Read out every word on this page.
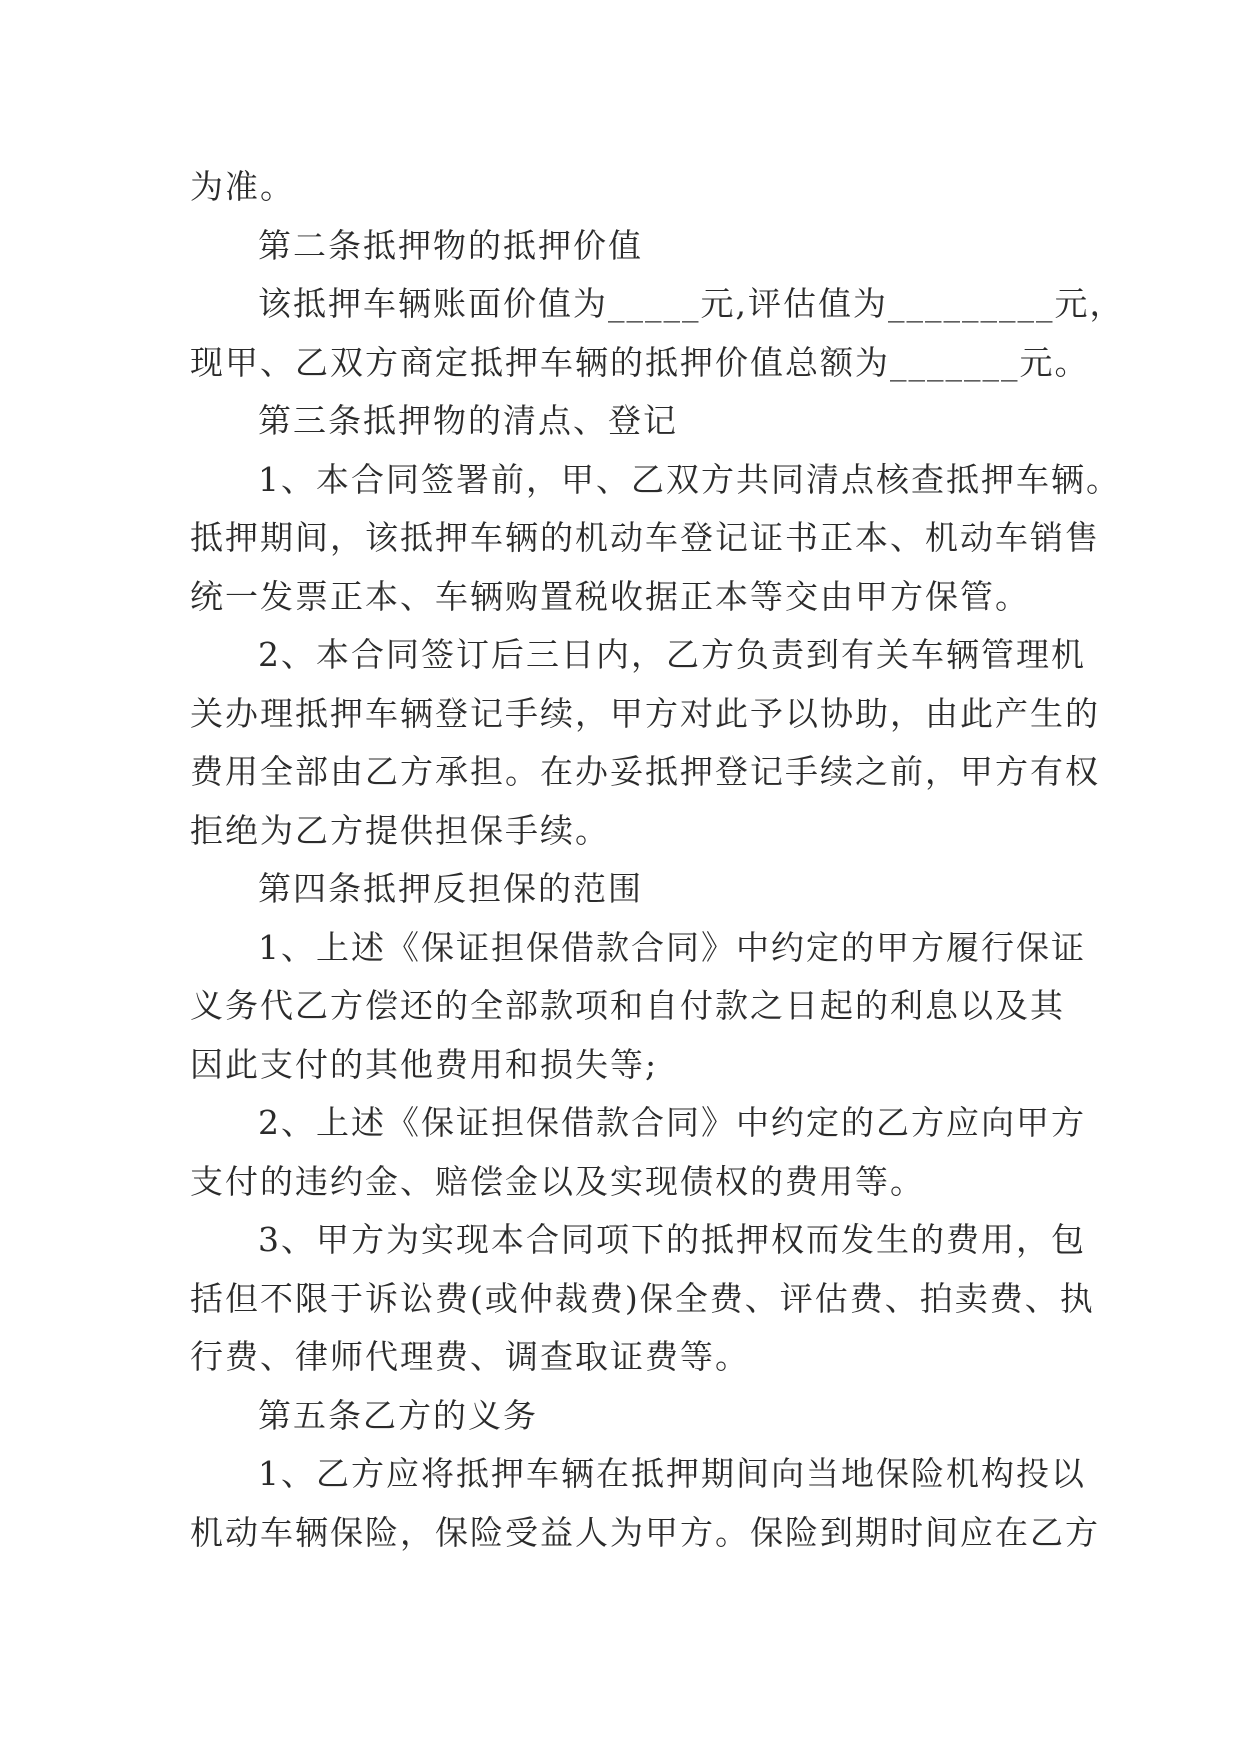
为准。
第二条抵押物的抵押价值
该抵押车辆账面价值为_____元,评估值为_________元，
现甲、乙双方商定抵押车辆的抵押价值总额为_______元。
第三条抵押物的清点、登记
1、本合同签署前，甲、乙双方共同清点核查抵押车辆。
抵押期间，该抵押车辆的机动车登记证书正本、机动车销售
统一发票正本、车辆购置税收据正本等交由甲方保管。
2、本合同签订后三日内，乙方负责到有关车辆管理机
关办理抵押车辆登记手续，甲方对此予以协助，由此产生的
费用全部由乙方承担。在办妥抵押登记手续之前，甲方有权
拒绝为乙方提供担保手续。
第四条抵押反担保的范围
1、上述《保证担保借款合同》中约定的甲方履行保证
义务代乙方偿还的全部款项和自付款之日起的利息以及其
因此支付的其他费用和损失等;
2、上述《保证担保借款合同》中约定的乙方应向甲方
支付的违约金、赔偿金以及实现债权的费用等。
3、甲方为实现本合同项下的抵押权而发生的费用，包
括但不限于诉讼费(或仲裁费)保全费、评估费、拍卖费、执
行费、律师代理费、调查取证费等。
第五条乙方的义务
1、乙方应将抵押车辆在抵押期间向当地保险机构投以
机动车辆保险，保险受益人为甲方。保险到期时间应在乙方
